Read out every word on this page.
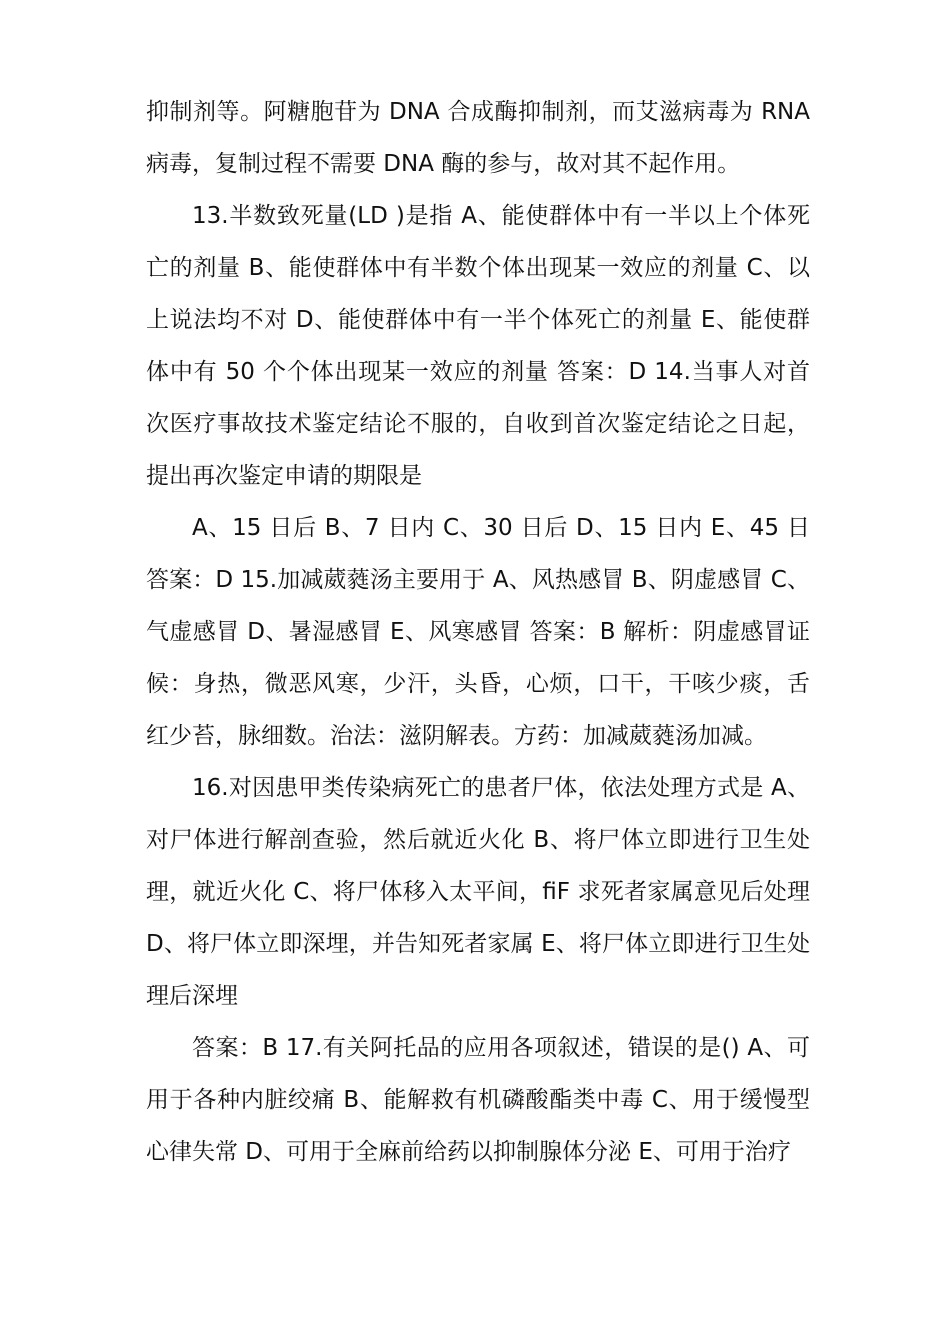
抑制剂等。阿糖胞苷为 DNA 合成酶抑制剂，而艾滋病毒为 RNA 病毒，复制过程不需要 DNA 酶的参与，故对其不起作用。

13.半数致死量(LD )是指 A、能使群体中有一半以上个体死亡的剂量 B、能使群体中有半数个体出现某一效应的剂量 C、以上说法均不对 D、能使群体中有一半个体死亡的剂量 E、能使群体中有 50 个个体出现某一效应的剂量 答案：D 14.当事人对首次医疗事故技术鉴定结论不服的，自收到首次鉴定结论之日起，提出再次鉴定申请的期限是

A、15 日后 B、7 日内 C、30 日后 D、15 日内 E、45 日 答案：D 15.加减葳蕤汤主要用于 A、风热感冒 B、阴虚感冒 C、气虚感冒 D、暑湿感冒 E、风寒感冒 答案：B 解析：阴虚感冒证候：身热，微恶风寒，少汗，头昏，心烦，口干，干咳少痰，舌红少苔，脉细数。治法：滋阴解表。方药：加减葳蕤汤加减。

16.对因患甲类传染病死亡的患者尸体，依法处理方式是 A、对尸体进行解剖查验，然后就近火化 B、将尸体立即进行卫生处理，就近火化 C、将尸体移入太平间，fiF 求死者家属意见后处理 D、将尸体立即深埋，并告知死者家属 E、将尸体立即进行卫生处理后深埋

答案：B 17.有关阿托品的应用各项叙述，错误的是() A、可用于各种内脏绞痛 B、能解救有机磷酸酯类中毒 C、用于缓慢型心律失常 D、可用于全麻前给药以抑制腺体分泌 E、可用于治疗
